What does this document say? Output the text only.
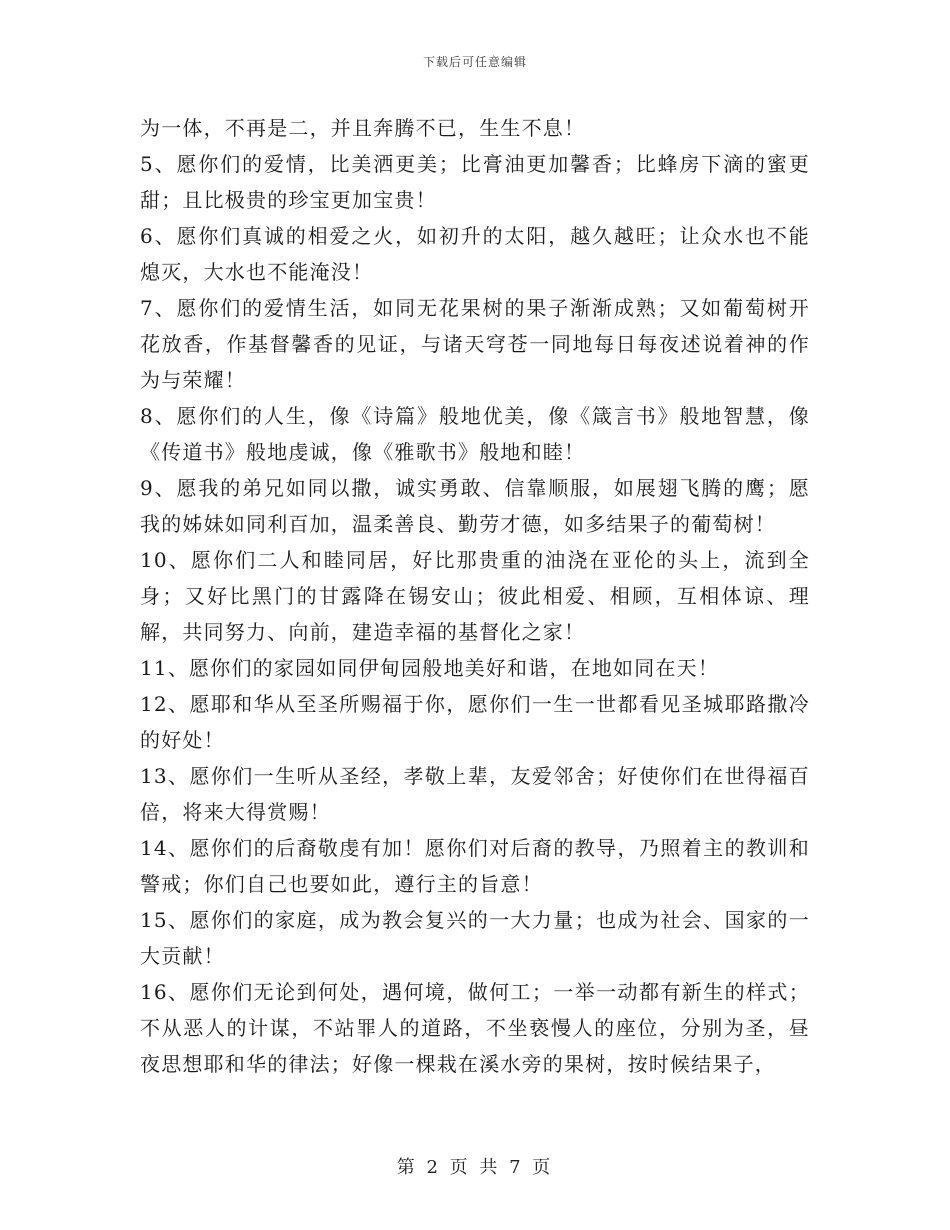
下载后可任意编辑

为一体，不再是二，并且奔腾不已，生生不息！

5、愿你们的爱情，比美洒更美；比膏油更加馨香；比蜂房下滴的蜜更甜；且比极贵的珍宝更加宝贵！

6、愿你们真诚的相爱之火，如初升的太阳，越久越旺；让众水也不能熄灭，大水也不能淹没！

7、愿你们的爱情生活，如同无花果树的果子渐渐成熟；又如葡萄树开花放香，作基督馨香的见证，与诸天穹苍一同地每日每夜述说着神的作为与荣耀！

8、愿你们的人生，像《诗篇》般地优美，像《箴言书》般地智慧，像《传道书》般地虔诚，像《雅歌书》般地和睦！

9、愿我的弟兄如同以撒，诚实勇敢、信靠顺服，如展翅飞腾的鹰；愿我的姊妹如同利百加，温柔善良、勤劳才德，如多结果子的葡萄树！

10、愿你们二人和睦同居，好比那贵重的油浇在亚伦的头上，流到全身；又好比黑门的甘露降在锡安山；彼此相爱、相顾，互相体谅、理解，共同努力、向前，建造幸福的基督化之家！

11、愿你们的家园如同伊甸园般地美好和谐，在地如同在天！

12、愿耶和华从至圣所赐福于你，愿你们一生一世都看见圣城耶路撒冷的好处！

13、愿你们一生听从圣经，孝敬上辈，友爱邻舍；好使你们在世得福百倍，将来大得赏赐！

14、愿你们的后裔敬虔有加！愿你们对后裔的教导，乃照着主的教训和警戒；你们自己也要如此，遵行主的旨意！

15、愿你们的家庭，成为教会复兴的一大力量；也成为社会、国家的一大贡献！

16、愿你们无论到何处，遇何境，做何工；一举一动都有新生的样式；不从恶人的计谋，不站罪人的道路，不坐亵慢人的座位，分别为圣，昼夜思想耶和华的律法；好像一棵栽在溪水旁的果树，按时候结果子，

第 2 页 共 7 页
